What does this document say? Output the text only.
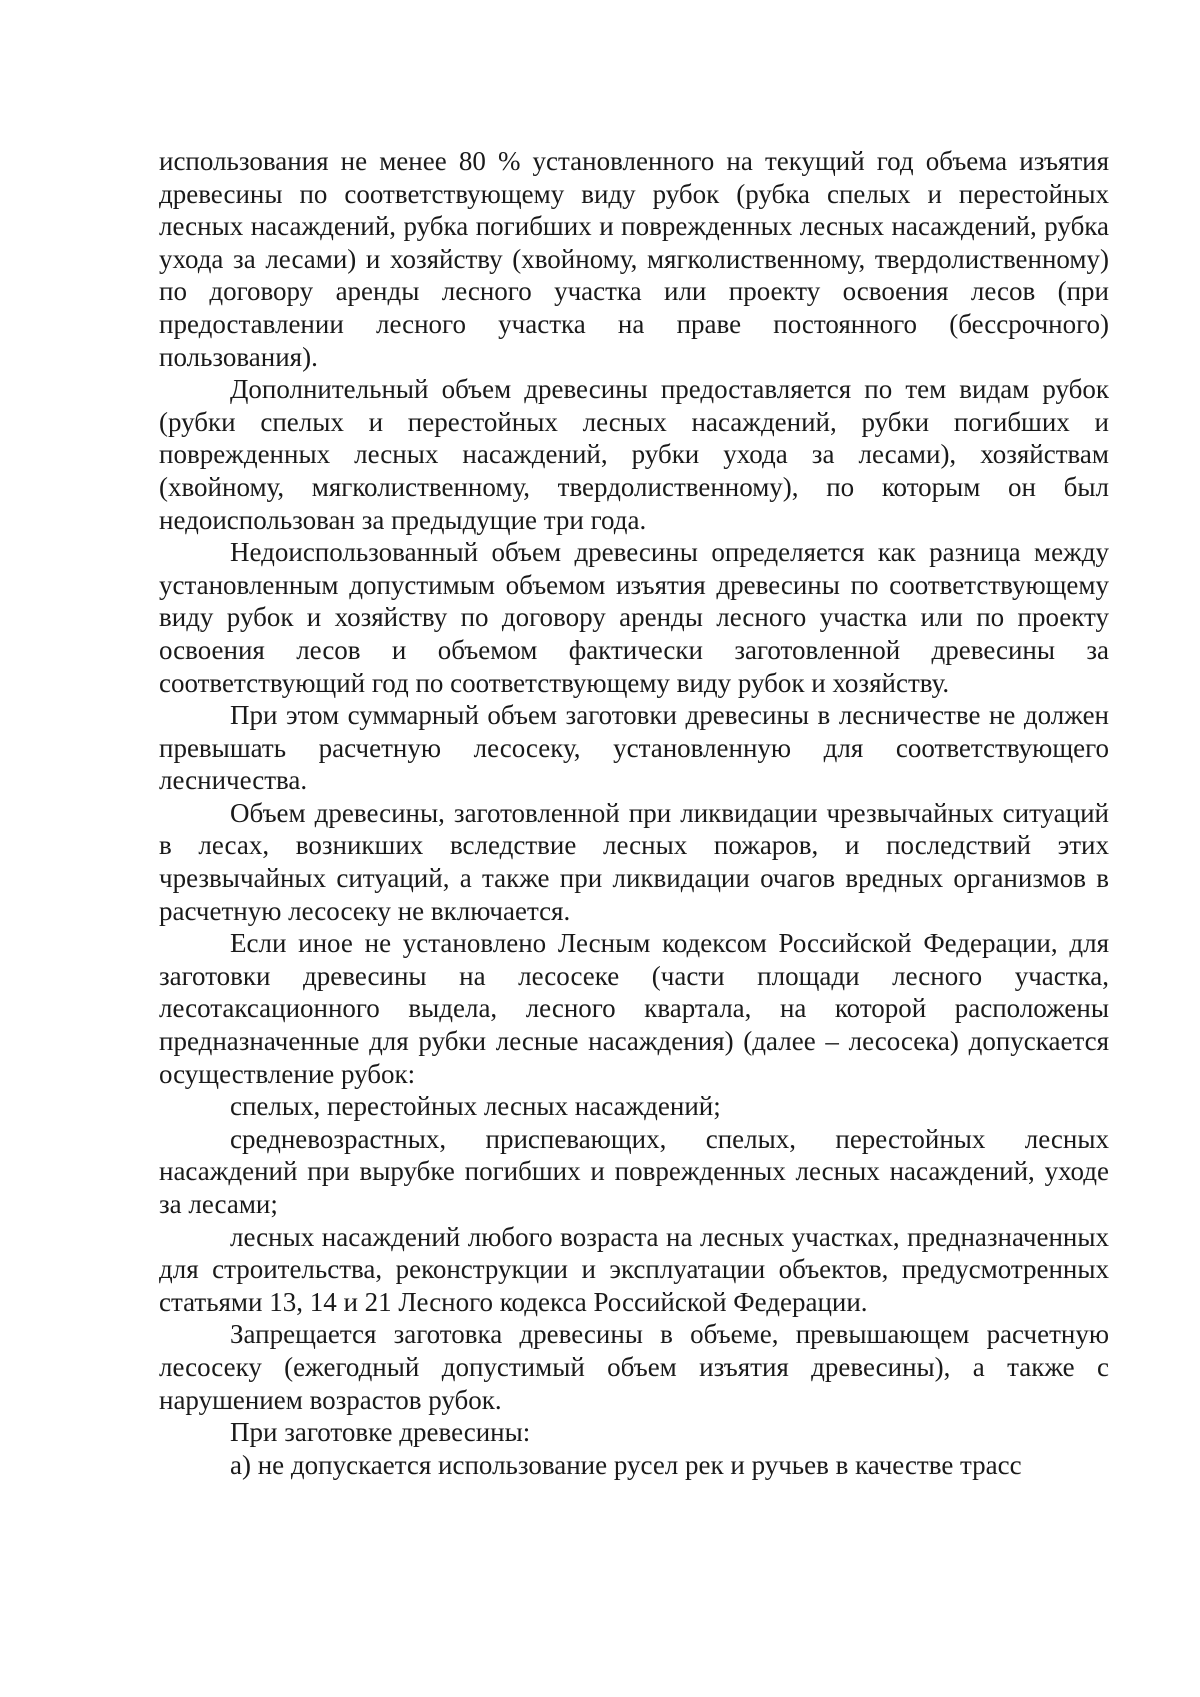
использования не менее 80 % установленного на текущий год объема изъятия древесины по соответствующему виду рубок (рубка спелых и перестойных лесных насаждений, рубка погибших и поврежденных лесных насаждений, рубка ухода за лесами) и хозяйству (хвойному, мягколиственному, твердолиственному) по договору аренды лесного участка или проекту освоения лесов (при предоставлении лесного участка на праве постоянного (бессрочного) пользования).

Дополнительный объем древесины предоставляется по тем видам рубок (рубки спелых и перестойных лесных насаждений, рубки погибших и поврежденных лесных насаждений, рубки ухода за лесами), хозяйствам (хвойному, мягколиственному, твердолиственному), по которым он был недоиспользован за предыдущие три года.

Недоиспользованный объем древесины определяется как разница между установленным допустимым объемом изъятия древесины по соответствующему виду рубок и хозяйству по договору аренды лесного участка или по проекту освоения лесов и объемом фактически заготовленной древесины за соответствующий год по соответствующему виду рубок и хозяйству.

При этом суммарный объем заготовки древесины в лесничестве не должен превышать расчетную лесосеку, установленную для соответствующего лесничества.

Объем древесины, заготовленной при ликвидации чрезвычайных ситуаций в лесах, возникших вследствие лесных пожаров, и последствий этих чрезвычайных ситуаций, а также при ликвидации очагов вредных организмов в расчетную лесосеку не включается.

Если иное не установлено Лесным кодексом Российской Федерации, для заготовки древесины на лесосеке (части площади лесного участка, лесотаксационного выдела, лесного квартала, на которой расположены предназначенные для рубки лесные насаждения) (далее – лесосека) допускается осуществление рубок:

спелых, перестойных лесных насаждений;

средневозрастных, приспевающих, спелых, перестойных лесных насаждений при вырубке погибших и поврежденных лесных насаждений, уходе за лесами;

лесных насаждений любого возраста на лесных участках, предназначенных для строительства, реконструкции и эксплуатации объектов, предусмотренных статьями 13, 14 и 21 Лесного кодекса Российской Федерации.

Запрещается заготовка древесины в объеме, превышающем расчетную лесосеку (ежегодный допустимый объем изъятия древесины), а также с нарушением возрастов рубок.

При заготовке древесины:

а) не допускается использование русел рек и ручьев в качестве трасс
